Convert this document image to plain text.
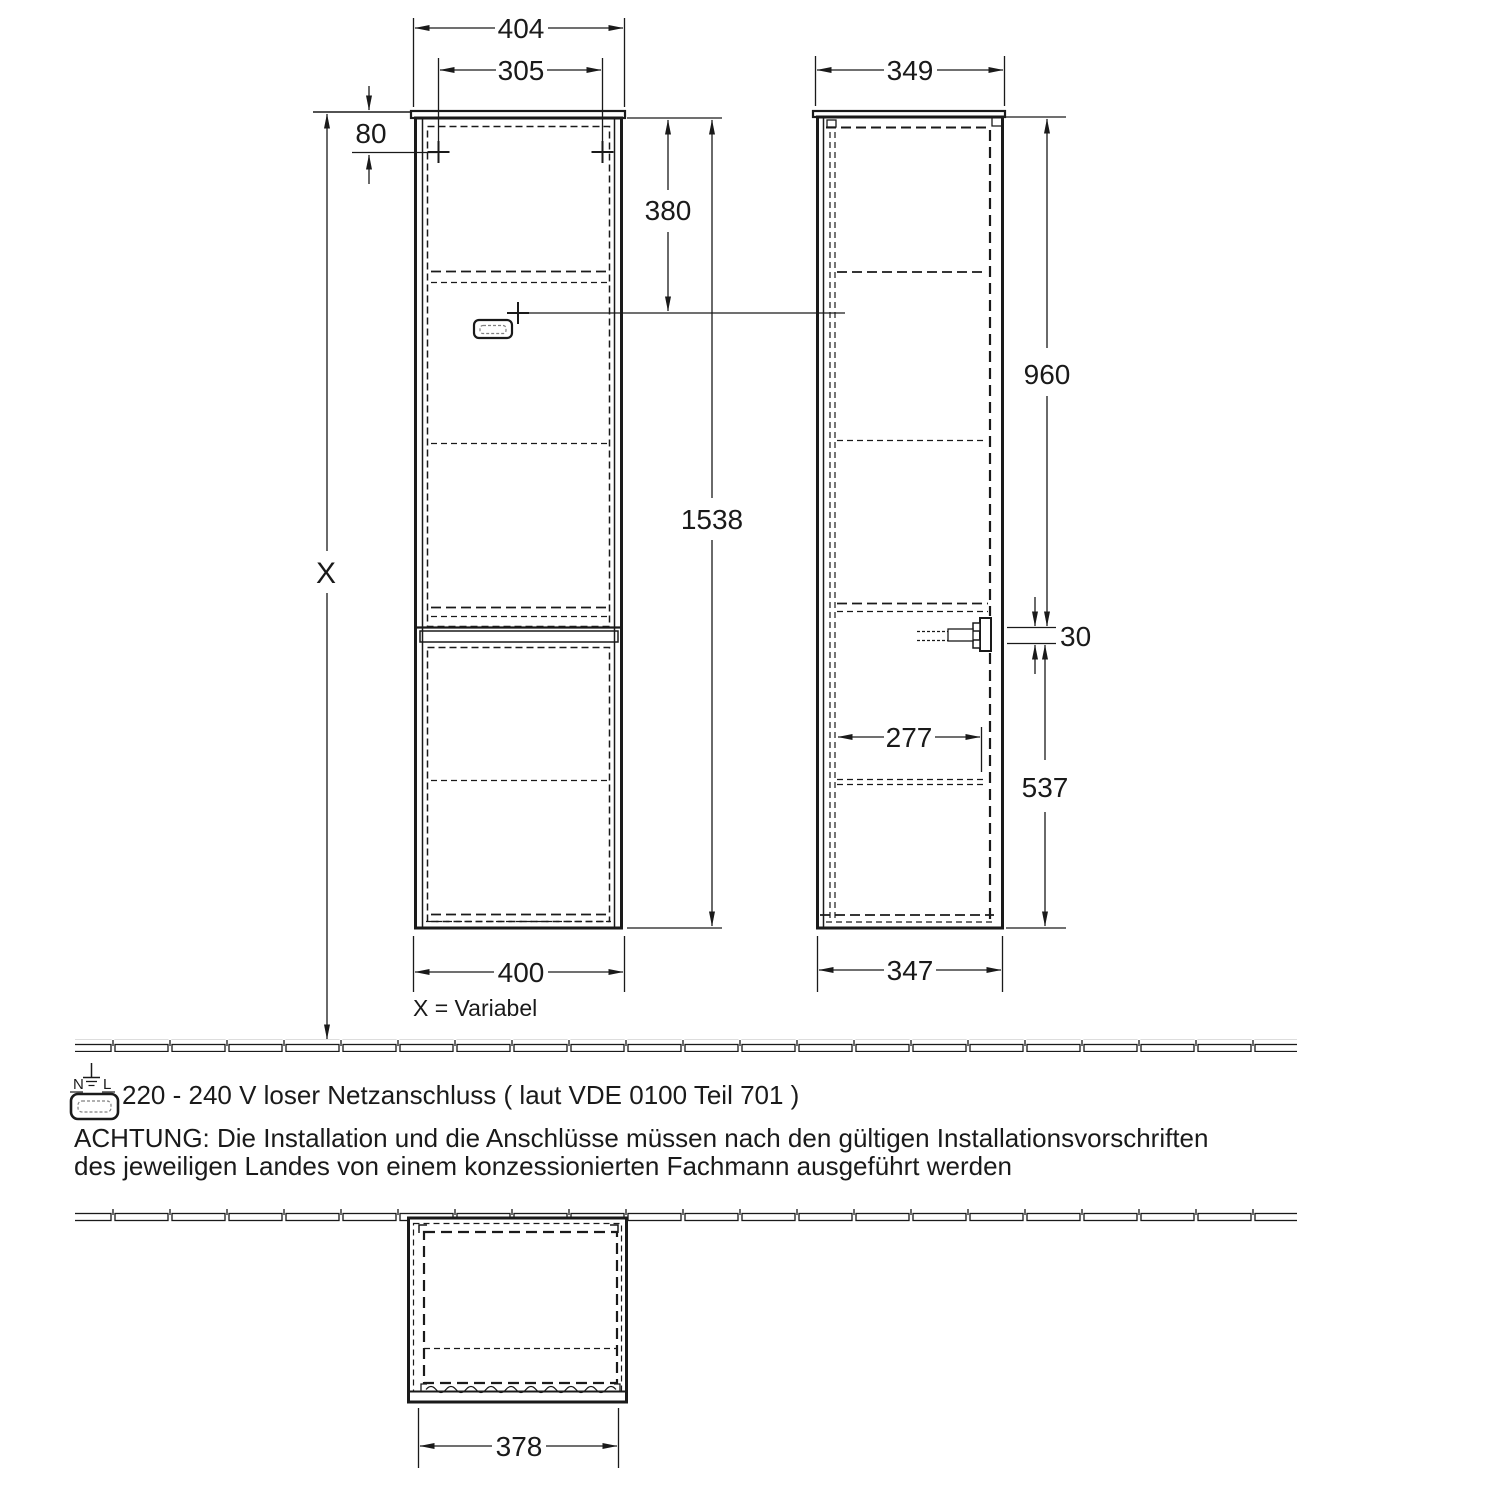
404
305
80
380
1538
400
X
X = Variabel
349
960
30
277
537
347
N L 220 - 240 V loser Netzanschluss ( laut VDE 0100 Teil 701 )
ACHTUNG: Die Installation und die Anschlüsse müssen nach den gültigen Installationsvorschriften
des jeweiligen Landes von einem konzessionierten Fachmann ausgeführt werden
378
